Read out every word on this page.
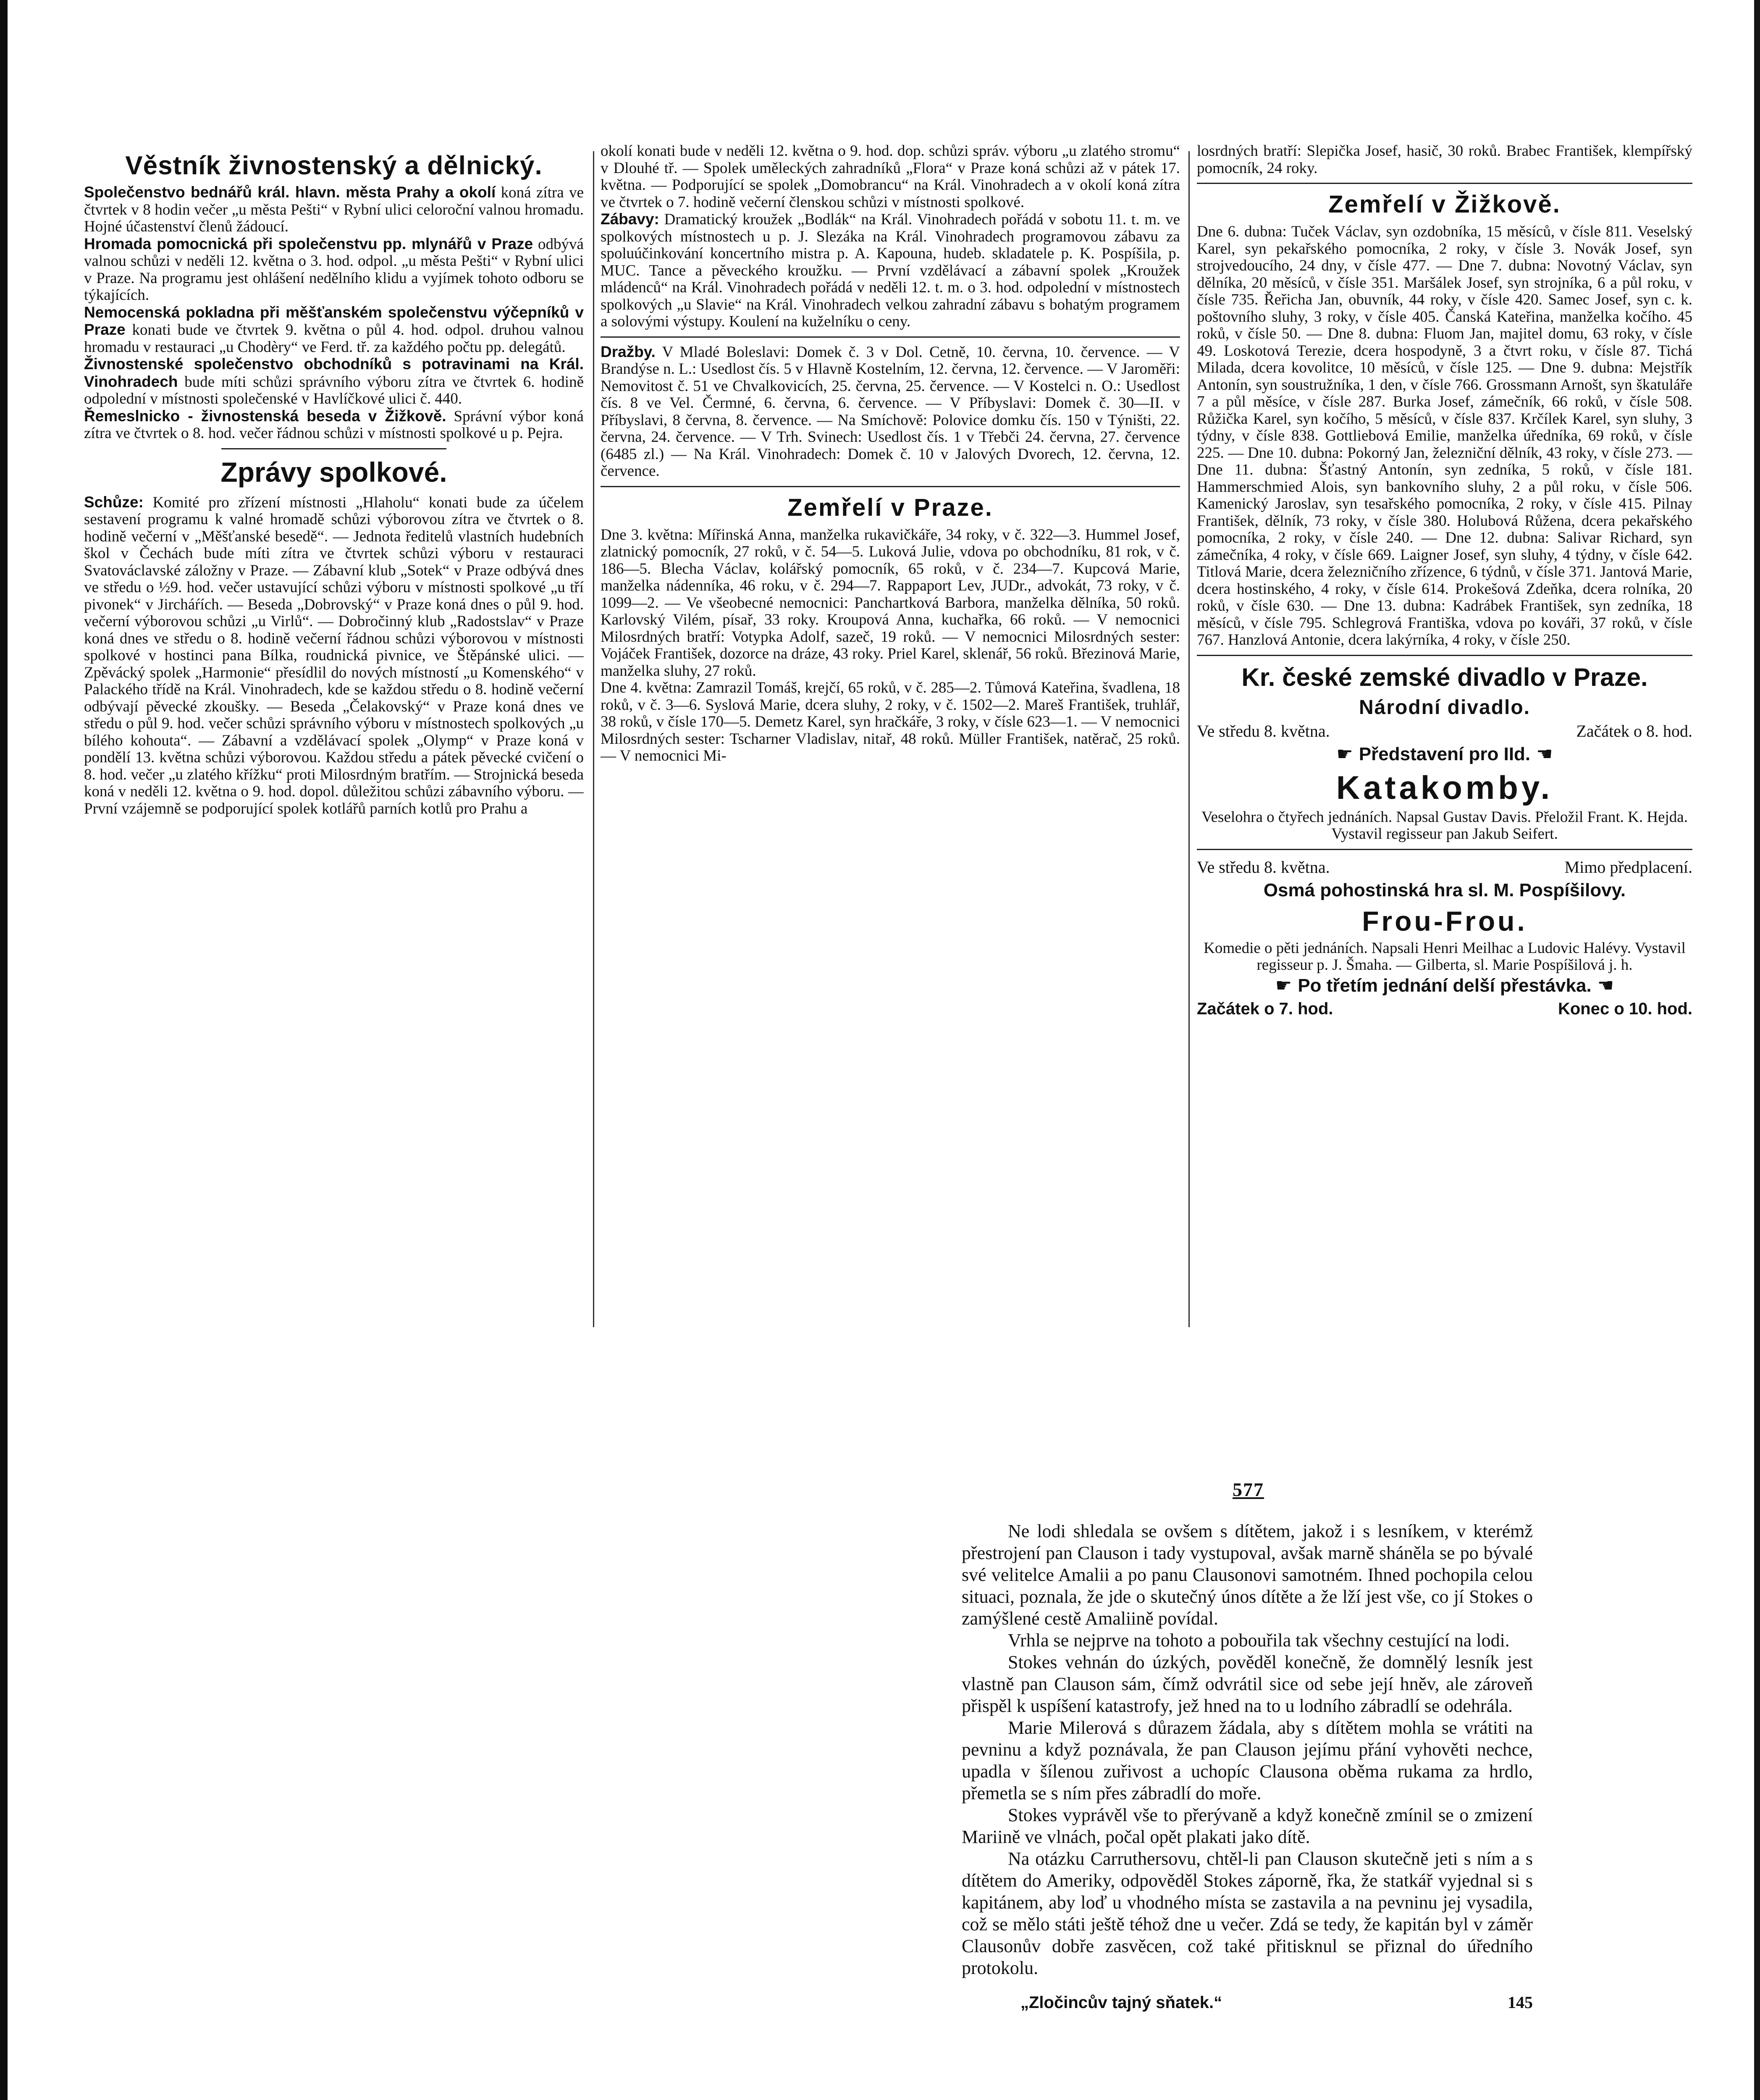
Věstník živnostenský a dělnický.

Společenstvo bednářů král. hlavn. města Prahy a okolí koná zítra ve čtvrtek v 8 hodin večer „u města Pešti“ v Rybní ulici celoroční valnou hromadu. Hojné účastenství členů žádoucí.

Hromada pomocnická při společenstvu pp. mlynářů v Praze odbývá valnou schůzi v neděli 12. května o 3. hod. odpol. „u města Pešti“ v Rybní ulici v Praze. Na programu jest ohlášení nedělního klidu a vyjímek tohoto odboru se týkajících.

Nemocenská pokladna při měšťanském společenstvu výčepníků v Praze konati bude ve čtvrtek 9. května o půl 4. hod. odpol. druhou valnou hromadu v restauraci „u Chodèry“ ve Ferd. tř. za každého počtu pp. delegátů.

Živnostenské společenstvo obchodníků s potravinami na Král. Vinohradech bude míti schůzi správního výboru zítra ve čtvrtek 6. hodině odpolední v místnosti společenské v Havlíčkové ulici č. 440.

Řemeslnicko - živnostenská beseda v Žižkově. Správní výbor koná zítra ve čtvrtek o 8. hod. večer řádnou schůzi v místnosti spolkové u p. Pejra.

Zprávy spolkové.

Schůze: Komité pro zřízení místnosti „Hlaholu“ konati bude za účelem sestavení programu k valné hromadě schůzi výborovou zítra ve čtvrtek o 8. hodině večerní v „Měšťanské besedě“. — Jednota ředitelů vlastních hudebních škol v Čechách bude míti zítra ve čtvrtek schůzi výboru v restauraci Svatováclavské záložny v Praze. — Zábavní klub „Sotek“ v Praze odbývá dnes ve středu o ½9. hod. večer ustavující schůzi výboru v místnosti spolkové „u tří pivonek“ v Jircháŕích. — Beseda „Dobrovský“ v Praze koná dnes o půl 9. hod. večerní výborovou schůzi „u Virlů“. — Dobročinný klub „Radostslav“ v Praze koná dnes ve středu o 8. hodině večerní řádnou schůzi výborovou v místnosti spolkové v hostinci pana Bílka, roudnická pivnice, ve Štěpánské ulici. — Zpěvácký spolek „Harmonie“ přesídlil do nových místností „u Komenského“ v Palackého třídě na Král. Vinohradech, kde se každou středu o 8. hodině večerní odbývají pěvecké zkoušky. — Beseda „Čelakovský“ v Praze koná dnes ve středu o půl 9. hod. večer schůzi správního výboru v místnostech spolkových „u bílého kohouta“. — Zábavní a vzdělávací spolek „Olymp“ v Praze koná v pondělí 13. května schůzi výborovou. Každou středu a pátek pěvecké cvičení o 8. hod. večer „u zlatého křížku“ proti Milosrdným bratřím. — Strojnická beseda koná v neděli 12. května o 9. hod. dopol. důležitou schůzi zábavního výboru. — První vzájemně se podporující spolek kotlářů parních kotlů pro Prahu a

okolí konati bude v neděli 12. května o 9. hod. dop. schůzi správ. výboru „u zlatého stromu“ v Dlouhé tř. — Spolek uměleckých zahradníků „Flora“ v Praze koná schůzi až v pátek 17. května. — Podporující se spolek „Domobrancu“ na Král. Vinohradech a v okolí koná zítra ve čtvrtek o 7. hodině večerní členskou schůzi v místnosti spolkové.

Zábavy: Dramatický kroužek „Bodlák“ na Král. Vinohradech pořádá v sobotu 11. t. m. ve spolkových místnostech u p. J. Slezáka na Král. Vinohradech programovou zábavu za spoluúčinkování koncertního mistra p. A. Kapouna, hudeb. skladatele p. K. Pospíšila, p. MUC. Tance a pěveckého kroužku. — První vzdělávací a zábavní spolek „Kroužek mládenců“ na Král. Vinohradech pořádá v neděli 12. t. m. o 3. hod. odpolední v místnostech spolkových „u Slavie“ na Král. Vinohradech velkou zahradní zábavu s bohatým programem a solovými výstupy. Koulení na kuželníku o ceny.

Dražby. V Mladé Boleslavi: Domek č. 3 v Dol. Cetně, 10. června, 10. července. — V Brandýse n. L.: Usedlost čís. 5 v Hlavně Kostelním, 12. června, 12. července. — V Jaroměři: Nemovitost č. 51 ve Chvalkovicích, 25. června, 25. července. — V Kostelci n. O.: Usedlost čís. 8 ve Vel. Čermné, 6. června, 6. července. — V Příbyslavi: Domek č. 30—II. v Příbyslavi, 8 června, 8. července. — Na Smíchově: Polovice domku čís. 150 v Týništi, 22. června, 24. července. — V Trh. Svinech: Usedlost čís. 1 v Třebči 24. června, 27. července (6485 zl.) — Na Král. Vinohradech: Domek č. 10 v Jalových Dvorech, 12. června, 12. července.

Zemřelí v Praze.

Dne 3. května: Mířinská Anna, manželka rukavičkáře, 34 roky, v č. 322—3. Hummel Josef, zlatnický pomocník, 27 roků, v č. 54—5. Luková Julie, vdova po obchodníku, 81 rok, v č. 186—5. Blecha Václav, kolářský pomocník, 65 roků, v č. 234—7. Kupcová Marie, manželka nádenníka, 46 roku, v č. 294—7. Rappaport Lev, JUDr., advokát, 73 roky, v č. 1099—2. — Ve všeobecné nemocnici: Panchartková Barbora, manželka dělníka, 50 roků. Karlovský Vilém, písař, 33 roky. Kroupová Anna, kuchařka, 66 roků. — V nemocnici Milosrdných bratří: Votypka Adolf, sazeč, 19 roků. — V nemocnici Milosrdných sester: Vojáček František, dozorce na dráze, 43 roky. Priel Karel, sklenář, 56 roků. Březinová Marie, manželka sluhy, 27 roků.

Dne 4. května: Zamrazil Tomáš, krejčí, 65 roků, v č. 285—2. Tůmová Kateřina, švadlena, 18 roků, v č. 3—6. Syslová Marie, dcera sluhy, 2 roky, v č. 1502—2. Mareš František, truhlář, 38 roků, v čísle 170—5. Demetz Karel, syn hračkáře, 3 roky, v čísle 623—1. — V nemocnici Milosrdných sester: Tscharner Vladislav, nitař, 48 roků. Müller František, natěrač, 25 roků. — V nemocnici Mi-

losrdných bratří: Slepička Josef, hasič, 30 roků. Brabec František, klempířský pomocník, 24 roky.

Zemřelí v Žižkově.

Dne 6. dubna: Tuček Václav, syn ozdobníka, 15 měsíců, v čísle 811. Veselský Karel, syn pekařského pomocníka, 2 roky, v čísle 3. Novák Josef, syn strojvedoucího, 24 dny, v čísle 477. — Dne 7. dubna: Novotný Václav, syn dělníka, 20 měsíců, v čísle 351. Maršálek Josef, syn strojníka, 6 a půl roku, v čísle 735. Řeřicha Jan, obuvník, 44 roky, v čísle 420. Samec Josef, syn c. k. poštovního sluhy, 3 roky, v čísle 405. Čanská Kateřina, manželka kočího. 45 roků, v čísle 50. — Dne 8. dubna: Fluom Jan, majitel domu, 63 roky, v čísle 49. Loskotová Terezie, dcera hospodyně, 3 a čtvrt roku, v čísle 87. Tichá Milada, dcera kovolitce, 10 měsíců, v čísle 125. — Dne 9. dubna: Mejstřík Antonín, syn soustružníka, 1 den, v čísle 766. Grossmann Arnošt, syn škatuláře 7 a půl měsíce, v čísle 287. Burka Josef, zámečník, 66 roků, v čísle 508. Růžička Karel, syn kočího, 5 měsíců, v čísle 837. Krčílek Karel, syn sluhy, 3 týdny, v čísle 838. Gottliebová Emilie, manželka úředníka, 69 roků, v čísle 225. — Dne 10. dubna: Pokorný Jan, železniční dělník, 43 roky, v čísle 273. — Dne 11. dubna: Šťastný Antonín, syn zedníka, 5 roků, v čísle 181. Hammerschmied Alois, syn bankovního sluhy, 2 a půl roku, v čísle 506. Kamenický Jaroslav, syn tesařského pomocníka, 2 roky, v čísle 415. Pilnay František, dělník, 73 roky, v čísle 380. Holubová Růžena, dcera pekařského pomocníka, 2 roky, v čísle 240. — Dne 12. dubna: Salivar Richard, syn zámečníka, 4 roky, v čísle 669. Laigner Josef, syn sluhy, 4 týdny, v čísle 642. Titlová Marie, dcera železničního zřízence, 6 týdnů, v čísle 371. Jantová Marie, dcera hostinského, 4 roky, v čísle 614. Prokešová Zdeňka, dcera rolníka, 20 roků, v čísle 630. — Dne 13. dubna: Kadrábek František, syn zedníka, 18 měsíců, v čísle 795. Schlegrová Františka, vdova po kováři, 37 roků, v čísle 767. Hanzlová Antonie, dcera lakýrníka, 4 roky, v čísle 250.

Kr. české zemské divadlo v Praze.
Národní divadlo.
Ve středu 8. května.	Začátek o 8. hod.
☛ Představení pro IId. ☚
Katakomby.

Veselohra o čtyřech jednáních. Napsal Gustav Davis. Přeložil Frant. K. Hejda. Vystavil regisseur pan Jakub Seifert.

Ve středu 8. května.	Mimo předplacení.
Osmá pohostinská hra sl. M. Pospíšilovy.
Frou-Frou.

Komedie o pěti jednáních. Napsali Henri Meilhac a Ludovic Halévy. Vystavil regisseur p. J. Šmaha. — Gilberta, sl. Marie Pospíšilová j. h.

☛ Po třetím jednání delší přestávka. ☚
Začátek o 7. hod.	Konec o 10. hod.
577

Ne lodi shledala se ovšem s dítětem, jakož i s lesníkem, v kterémž přestrojení pan Clauson i tady vystupoval, avšak marně sháněla se po bývalé své velitelce Amalii a po panu Clausonovi samotném. Ihned pochopila celou situaci, poznala, že jde o skutečný únos dítěte a že lží jest vše, co jí Stokes o zamýšlené cestě Amaliině povídal.

Vrhla se nejprve na tohoto a pobouřila tak všechny cestující na lodi.

Stokes vehnán do úzkých, pověděl konečně, že domnělý lesník jest vlastně pan Clauson sám, čímž odvrátil sice od sebe její hněv, ale zároveň přispěl k uspíšení katastrofy, jež hned na to u lodního zábradlí se odehrála.

Marie Milerová s důrazem žádala, aby s dítětem mohla se vrátiti na pevninu a když poznávala, že pan Clauson jejímu přání vyhověti nechce, upadla v šílenou zuřivost a uchopíc Clausona oběma rukama za hrdlo, přemetla se s ním přes zábradlí do moře.

Stokes vyprávěl vše to přerývaně a když konečně zmínil se o zmizení Mariině ve vlnách, počal opět plakati jako dítě.

Na otázku Carruthersovu, chtěl-li pan Clauson skutečně jeti s ním a s dítětem do Ameriky, odpověděl Stokes záporně, řka, že statkář vyjednal si s kapitánem, aby loď u vhodného místa se zastavila a na pevninu jej vysadila, což se mělo státi ještě téhož dne u večer. Zdá se tedy, že kapitán byl v záměr Clausonův dobře zasvěcen, což také přitisknul se přiznal do úředního protokolu.

„Zločincův tajný sňatek.“	145
